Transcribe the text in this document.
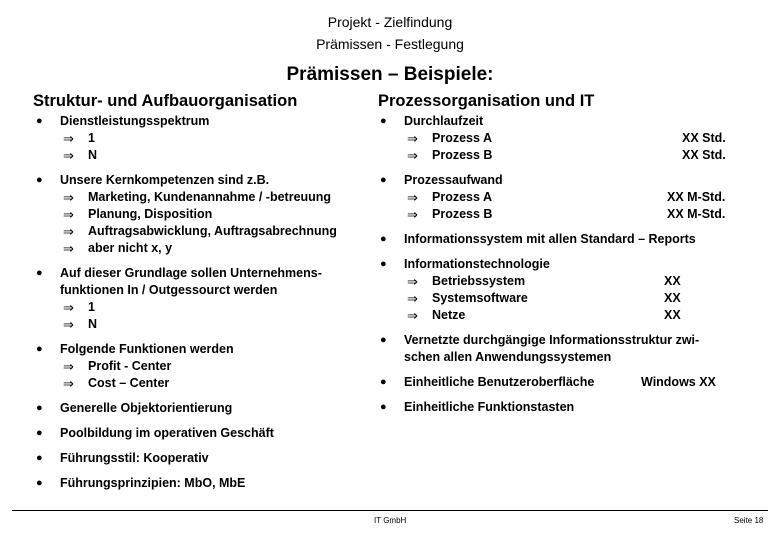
Projekt - Zielfindung
Prämissen - Festlegung
Prämissen – Beispiele:
Struktur- und Aufbauorganisation	Prozessorganisation und IT
● Dienstleistungsspektrum
⇒ 1
⇒ N
● Unsere Kernkompetenzen sind z.B.
⇒ Marketing, Kundenannahme / -betreuung
⇒ Planung, Disposition
⇒ Auftragsabwicklung, Auftragsabrechnung
⇒ aber nicht x, y
● Auf dieser Grundlage sollen Unternehmens-
funktionen In / Outgessourct werden
⇒ 1
⇒ N
● Folgende Funktionen werden
⇒ Profit - Center
⇒ Cost – Center
● Generelle Objektorientierung
● Poolbildung im operativen Geschäft
● Führungsstil: Kooperativ
● Führungsprinzipien: MbO, MbE
● Durchlaufzeit
⇒ Prozess A	XX Std.
⇒ Prozess B	XX Std.
● Prozessaufwand
⇒ Prozess A	XX M-Std.
⇒ Prozess B	XX M-Std.
● Informationssystem mit allen Standard – Reports
● Informationstechnologie
⇒ Betriebssystem	XX
⇒ Systemsoftware	XX
⇒ Netze	XX
● Vernetzte durchgängige Informationsstruktur zwi-
schen allen Anwendungssystemen
● Einheitliche Benutzeroberfläche	Windows XX
● Einheitliche Funktionstasten
IT GmbH	Seite 18
